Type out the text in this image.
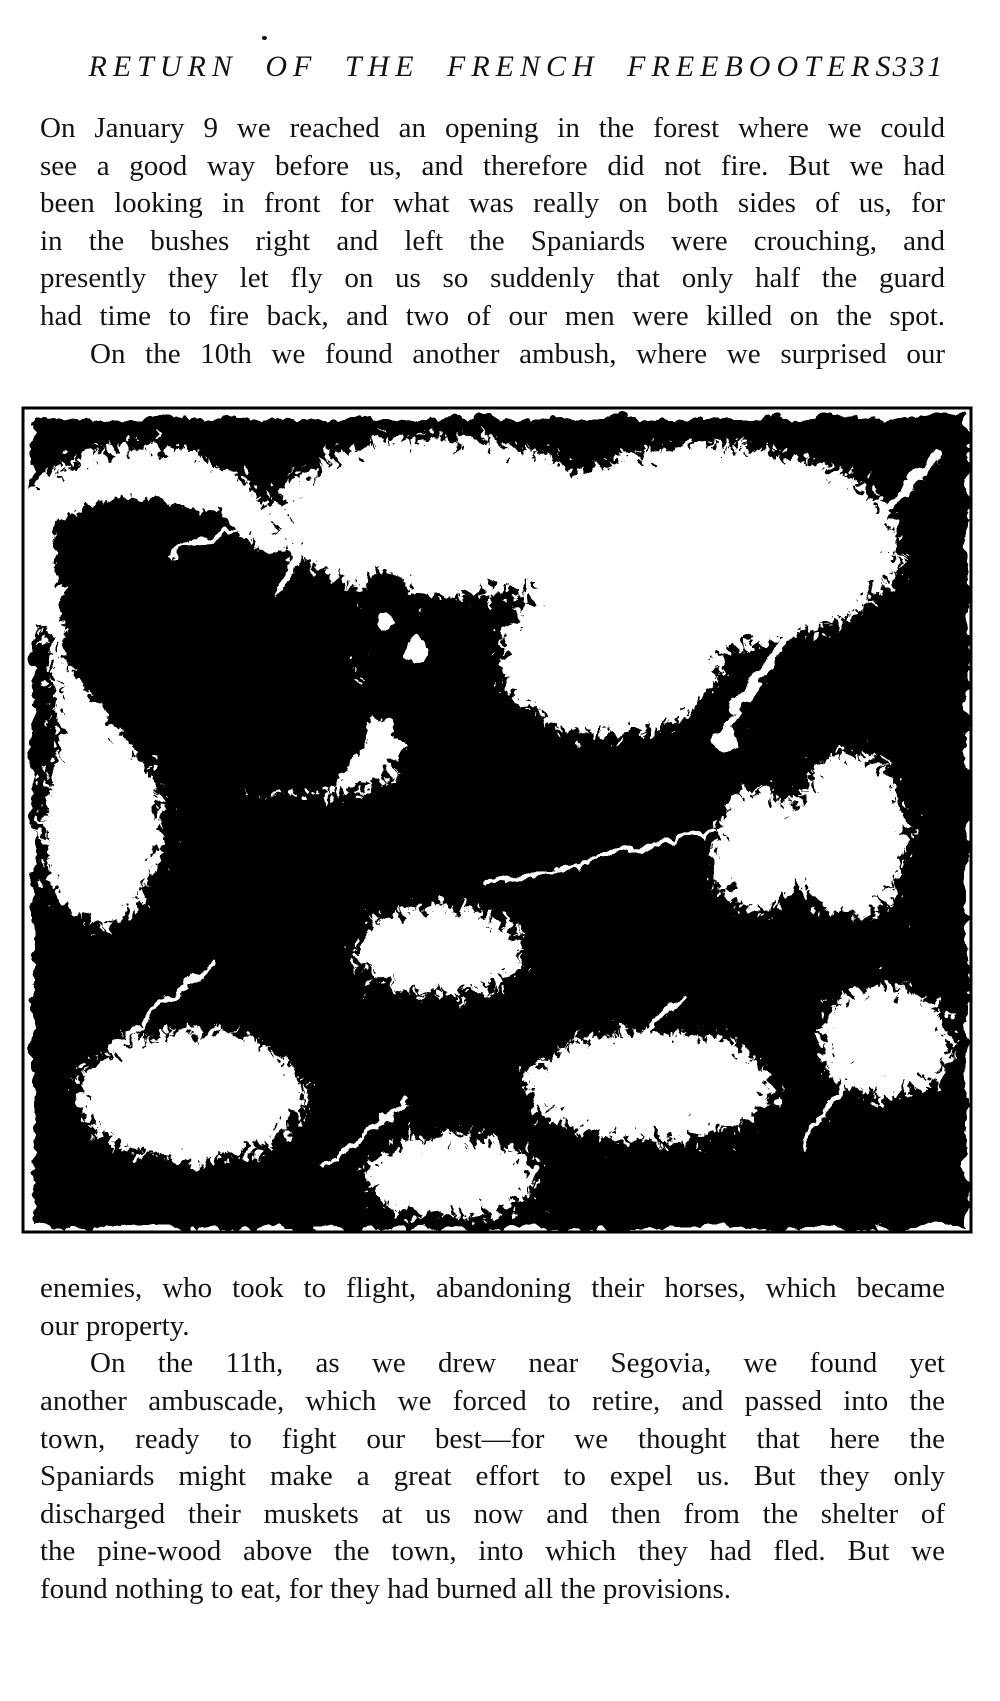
RETURN OF THE FRENCH FREEBOOTERS
331
On January 9 we reached an opening in the forest where we could
see a good way before us, and therefore did not fire. But we had
been looking in front for what was really on both sides of us, for
in the bushes right and left the Spaniards were crouching, and
presently they let fly on us so suddenly that only half the guard
had time to fire back, and two of our men were killed on the spot.
On the 10th we found another ambush, where we surprised our
enemies, who took to flight, abandoning their horses, which became
our property.
On the 11th, as we drew near Segovia, we found yet
another ambuscade, which we forced to retire, and passed into the
town, ready to fight our best—for we thought that here the
Spaniards might make a great effort to expel us. But they only
discharged their muskets at us now and then from the shelter of
the pine-wood above the town, into which they had fled. But we
found nothing to eat, for they had burned all the provisions.
